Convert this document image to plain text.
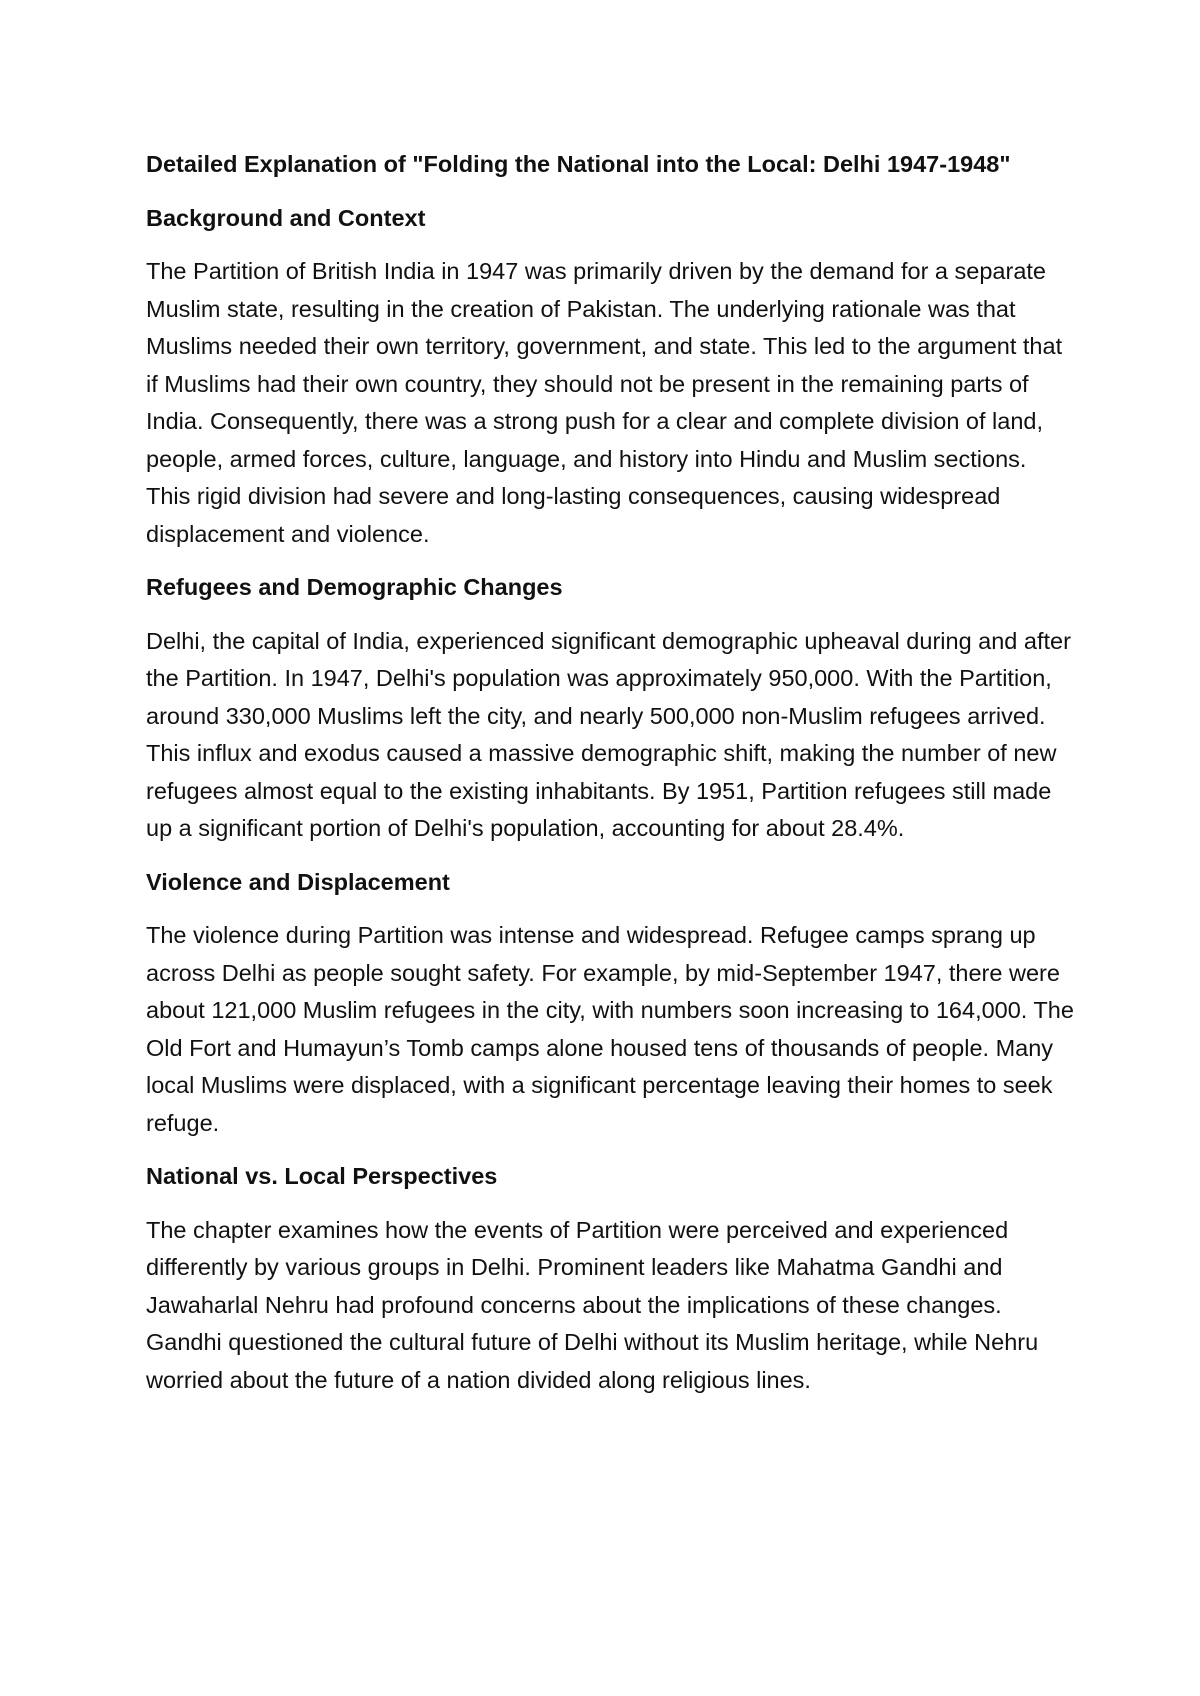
Detailed Explanation of "Folding the National into the Local: Delhi 1947-1948"

Background and Context

The Partition of British India in 1947 was primarily driven by the demand for a separate Muslim state, resulting in the creation of Pakistan. The underlying rationale was that Muslims needed their own territory, government, and state. This led to the argument that if Muslims had their own country, they should not be present in the remaining parts of India. Consequently, there was a strong push for a clear and complete division of land, people, armed forces, culture, language, and history into Hindu and Muslim sections. This rigid division had severe and long-lasting consequences, causing widespread displacement and violence.

Refugees and Demographic Changes

Delhi, the capital of India, experienced significant demographic upheaval during and after the Partition. In 1947, Delhi's population was approximately 950,000. With the Partition, around 330,000 Muslims left the city, and nearly 500,000 non-Muslim refugees arrived. This influx and exodus caused a massive demographic shift, making the number of new refugees almost equal to the existing inhabitants. By 1951, Partition refugees still made up a significant portion of Delhi's population, accounting for about 28.4%.

Violence and Displacement

The violence during Partition was intense and widespread. Refugee camps sprang up across Delhi as people sought safety. For example, by mid-September 1947, there were about 121,000 Muslim refugees in the city, with numbers soon increasing to 164,000. The Old Fort and Humayun’s Tomb camps alone housed tens of thousands of people. Many local Muslims were displaced, with a significant percentage leaving their homes to seek refuge.

National vs. Local Perspectives

The chapter examines how the events of Partition were perceived and experienced differently by various groups in Delhi. Prominent leaders like Mahatma Gandhi and Jawaharlal Nehru had profound concerns about the implications of these changes. Gandhi questioned the cultural future of Delhi without its Muslim heritage, while Nehru worried about the future of a nation divided along religious lines.
